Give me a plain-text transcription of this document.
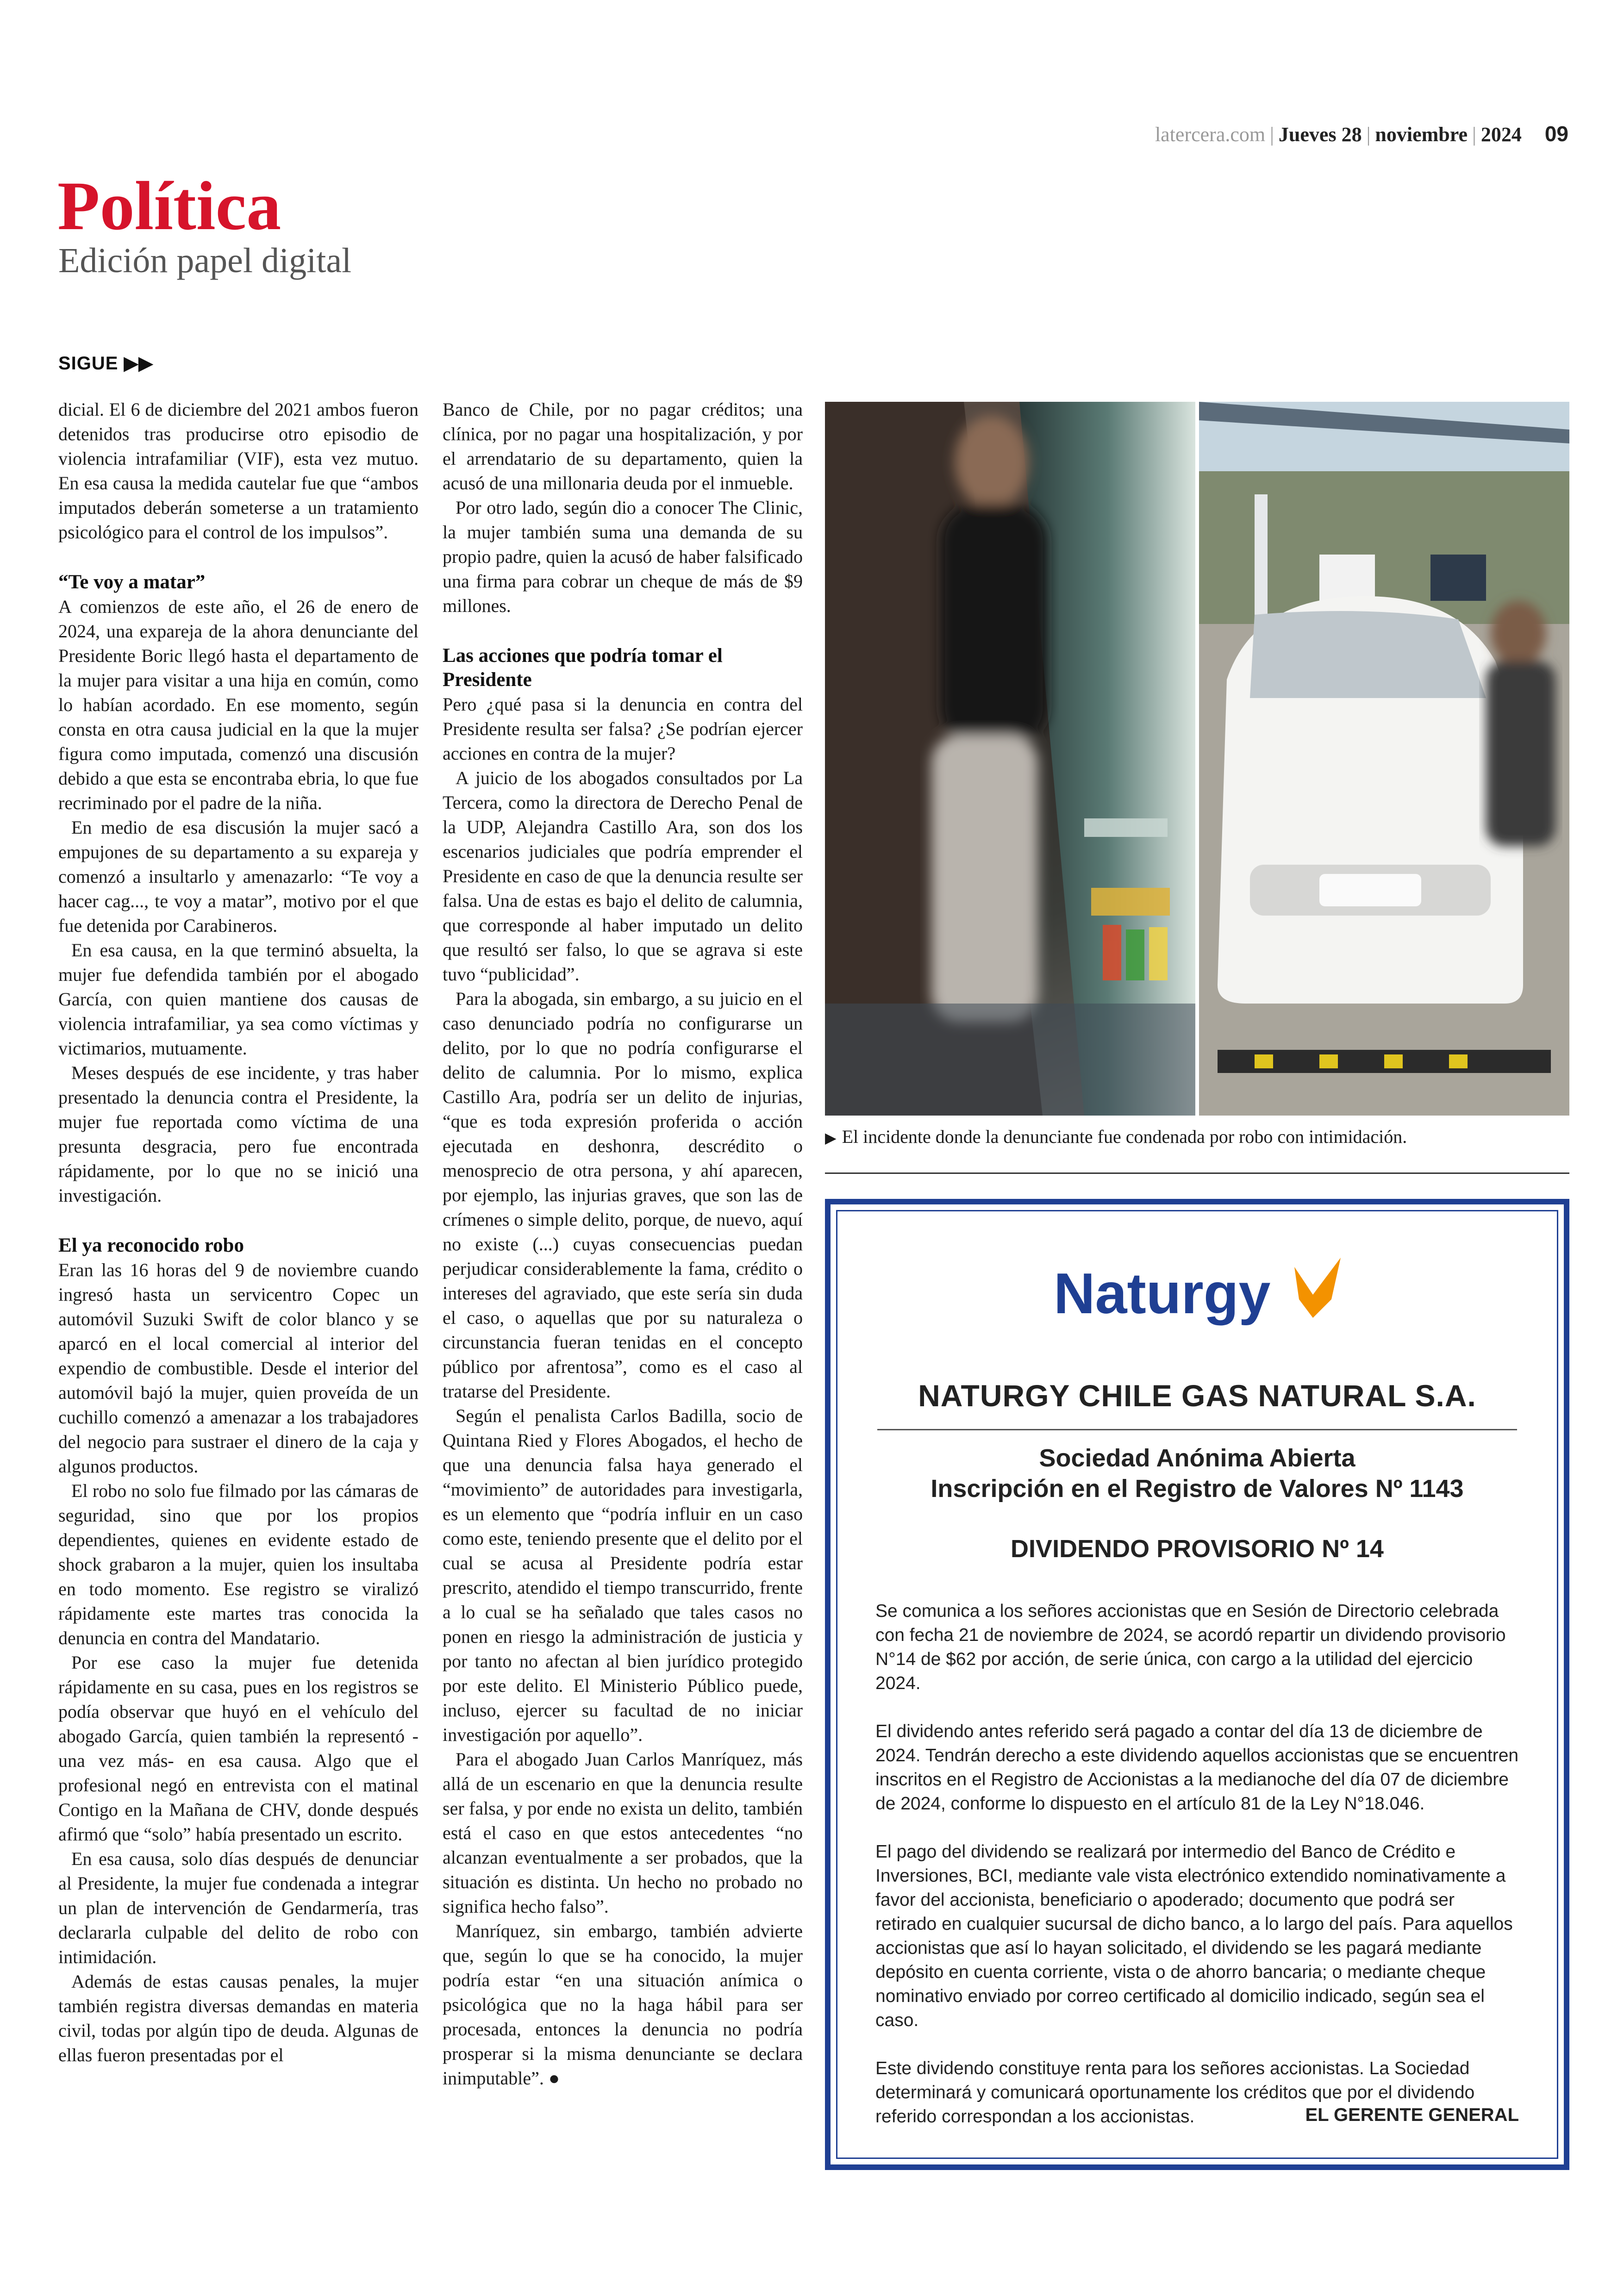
latercera.com | Jueves 28 | noviembre | 2024 09
Política
Edición papel digital
SIGUE ▶▶

dicial. El 6 de diciembre del 2021 ambos fueron detenidos tras producirse otro episodio de violencia intrafamiliar (VIF), esta vez mutuo. En esa causa la medida cautelar fue que “ambos imputados deberán someterse a un tratamiento psicológico para el control de los impulsos”.

“Te voy a matar”

A comienzos de este año, el 26 de enero de 2024, una expareja de la ahora denunciante del Presidente Boric llegó hasta el departamento de la mujer para visitar a una hija en común, como lo habían acordado. En ese momento, según consta en otra causa judicial en la que la mujer figura como imputada, comenzó una discusión debido a que esta se encontraba ebria, lo que fue recriminado por el padre de la niña.

En medio de esa discusión la mujer sacó a empujones de su departamento a su expareja y comenzó a insultarlo y amenazarlo: “Te voy a hacer cag..., te voy a matar”, motivo por el que fue detenida por Carabineros.

En esa causa, en la que terminó absuelta, la mujer fue defendida también por el abogado García, con quien mantiene dos causas de violencia intrafamiliar, ya sea como víctimas y victimarios, mutuamente.

Meses después de ese incidente, y tras haber presentado la denuncia contra el Presidente, la mujer fue reportada como víctima de una presunta desgracia, pero fue encontrada rápidamente, por lo que no se inició una investigación.

El ya reconocido robo

Eran las 16 horas del 9 de noviembre cuando ingresó hasta un servicentro Copec un automóvil Suzuki Swift de color blanco y se aparcó en el local comercial al interior del expendio de combustible. Desde el interior del automóvil bajó la mujer, quien proveída de un cuchillo comenzó a amenazar a los trabajadores del negocio para sustraer el dinero de la caja y algunos productos.

El robo no solo fue filmado por las cámaras de seguridad, sino que por los propios dependientes, quienes en evidente estado de shock grabaron a la mujer, quien los insultaba en todo momento. Ese registro se viralizó rápidamente este martes tras conocida la denuncia en contra del Mandatario.

Por ese caso la mujer fue detenida rápidamente en su casa, pues en los registros se podía observar que huyó en el vehículo del abogado García, quien también la representó -una vez más- en esa causa. Algo que el profesional negó en entrevista con el matinal Contigo en la Mañana de CHV, donde después afirmó que “solo” había presentado un escrito.

En esa causa, solo días después de denunciar al Presidente, la mujer fue condenada a integrar un plan de intervención de Gendarmería, tras declararla culpable del delito de robo con intimidación.

Además de estas causas penales, la mujer también registra diversas demandas en materia civil, todas por algún tipo de deuda. Algunas de ellas fueron presentadas por el

Banco de Chile, por no pagar créditos; una clínica, por no pagar una hospitalización, y por el arrendatario de su departamento, quien la acusó de una millonaria deuda por el inmueble.

Por otro lado, según dio a conocer The Clinic, la mujer también suma una demanda de su propio padre, quien la acusó de haber falsificado una firma para cobrar un cheque de más de $9 millones.

Las acciones que podría tomar el Presidente

Pero ¿qué pasa si la denuncia en contra del Presidente resulta ser falsa? ¿Se podrían ejercer acciones en contra de la mujer?

A juicio de los abogados consultados por La Tercera, como la directora de Derecho Penal de la UDP, Alejandra Castillo Ara, son dos los escenarios judiciales que podría emprender el Presidente en caso de que la denuncia resulte ser falsa. Una de estas es bajo el delito de calumnia, que corresponde al haber imputado un delito que resultó ser falso, lo que se agrava si este tuvo “publicidad”.

Para la abogada, sin embargo, a su juicio en el caso denunciado podría no configurarse un delito, por lo que no podría configurarse el delito de calumnia. Por lo mismo, explica Castillo Ara, podría ser un delito de injurias, “que es toda expresión proferida o acción ejecutada en deshonra, descrédito o menosprecio de otra persona, y ahí aparecen, por ejemplo, las injurias graves, que son las de crímenes o simple delito, porque, de nuevo, aquí no existe (...) cuyas consecuencias puedan perjudicar considerablemente la fama, crédito o intereses del agraviado, que este sería sin duda el caso, o aquellas que por su naturaleza o circunstancia fueran tenidas en el concepto público por afrentosa”, como es el caso al tratarse del Presidente.

Según el penalista Carlos Badilla, socio de Quintana Ried y Flores Abogados, el hecho de que una denuncia falsa haya generado el “movimiento” de autoridades para investigarla, es un elemento que “podría influir en un caso como este, teniendo presente que el delito por el cual se acusa al Presidente podría estar prescrito, atendido el tiempo transcurrido, frente a lo cual se ha señalado que tales casos no ponen en riesgo la administración de justicia y por tanto no afectan al bien jurídico protegido por este delito. El Ministerio Público puede, incluso, ejercer su facultad de no iniciar investigación por aquello”.

Para el abogado Juan Carlos Manríquez, más allá de un escenario en que la denuncia resulte ser falsa, y por ende no exista un delito, también está el caso en que estos antecedentes “no alcanzan eventualmente a ser probados, que la situación es distinta. Un hecho no probado no significa hecho falso”.

Manríquez, sin embargo, también advierte que, según lo que se ha conocido, la mujer podría estar “en una situación anímica o psicológica que no la haga hábil para ser procesada, entonces la denuncia no podría prosperar si la misma denunciante se declara inimputable”. ●

▶ El incidente donde la denunciante fue condenada por robo con intimidación.
Naturgy
NATURGY CHILE GAS NATURAL S.A.
Sociedad Anónima Abierta
Inscripción en el Registro de Valores Nº 1143
DIVIDENDO PROVISORIO Nº 14

Se comunica a los señores accionistas que en Sesión de Directorio celebrada con fecha 21 de noviembre de 2024, se acordó repartir un dividendo provisorio N°14 de $62 por acción, de serie única, con cargo a la utilidad del ejercicio 2024.

El dividendo antes referido será pagado a contar del día 13 de diciembre de 2024. Tendrán derecho a este dividendo aquellos accionistas que se encuentren inscritos en el Registro de Accionistas a la medianoche del día 07 de diciembre de 2024, conforme lo dispuesto en el artículo 81 de la Ley N°18.046.

El pago del dividendo se realizará por intermedio del Banco de Crédito e Inversiones, BCI, mediante vale vista electrónico extendido nominativamente a favor del accionista, beneficiario o apoderado; documento que podrá ser retirado en cualquier sucursal de dicho banco, a lo largo del país. Para aquellos accionistas que así lo hayan solicitado, el dividendo se les pagará mediante depósito en cuenta corriente, vista o de ahorro bancaria; o mediante cheque nominativo enviado por correo certificado al domicilio indicado, según sea el caso.

Este dividendo constituye renta para los señores accionistas. La Sociedad determinará y comunicará oportunamente los créditos que por el dividendo referido correspondan a los accionistas.	EL GERENTE GENERAL
